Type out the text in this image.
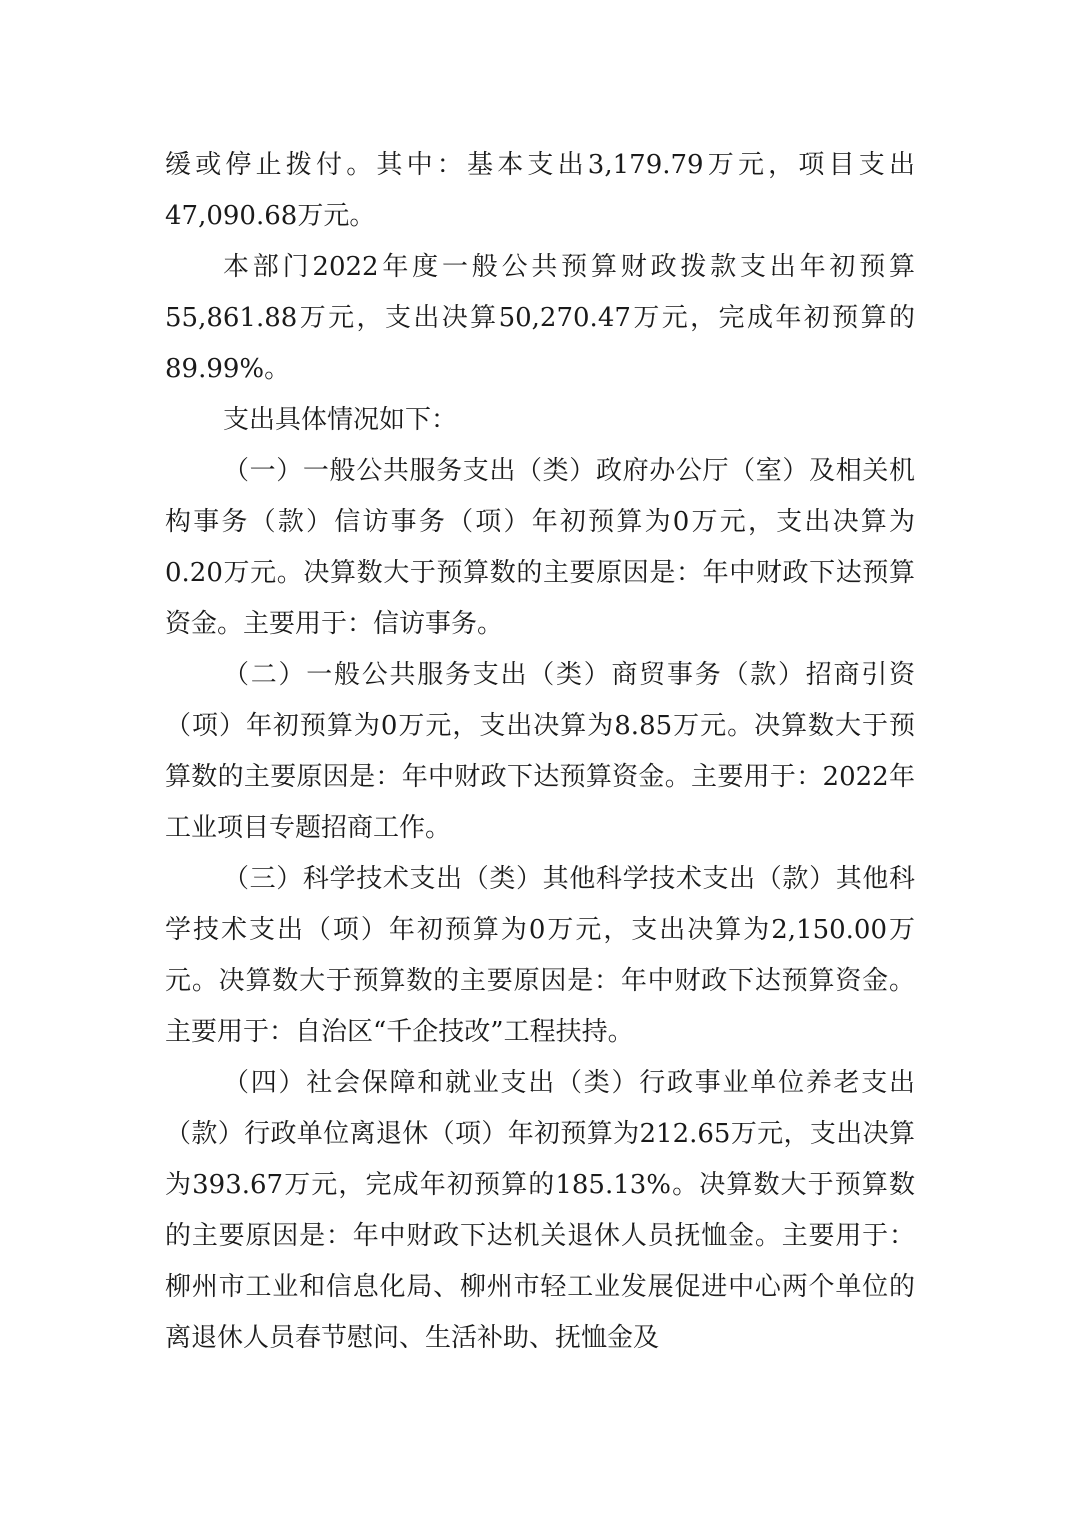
缓或停止拨付。其中：基本支出3,179.79万元，项目支出47,090.68万元。

本部门2022年度一般公共预算财政拨款支出年初预算55,861.88万元，支出决算50,270.47万元，完成年初预算的89.99%。

支出具体情况如下：

（一）一般公共服务支出（类）政府办公厅（室）及相关机构事务（款）信访事务（项）年初预算为0万元，支出决算为0.20万元。决算数大于预算数的主要原因是：年中财政下达预算资金。主要用于：信访事务。

（二）一般公共服务支出（类）商贸事务（款）招商引资（项）年初预算为0万元，支出决算为8.85万元。决算数大于预算数的主要原因是：年中财政下达预算资金。主要用于：2022年工业项目专题招商工作。

（三）科学技术支出（类）其他科学技术支出（款）其他科学技术支出（项）年初预算为0万元，支出决算为2,150.00万元。决算数大于预算数的主要原因是：年中财政下达预算资金。主要用于：自治区“千企技改”工程扶持。

（四）社会保障和就业支出（类）行政事业单位养老支出（款）行政单位离退休（项）年初预算为212.65万元，支出决算为393.67万元，完成年初预算的185.13%。决算数大于预算数的主要原因是：年中财政下达机关退休人员抚恤金。主要用于：柳州市工业和信息化局、柳州市轻工业发展促进中心两个单位的离退休人员春节慰问、生活补助、抚恤金及
